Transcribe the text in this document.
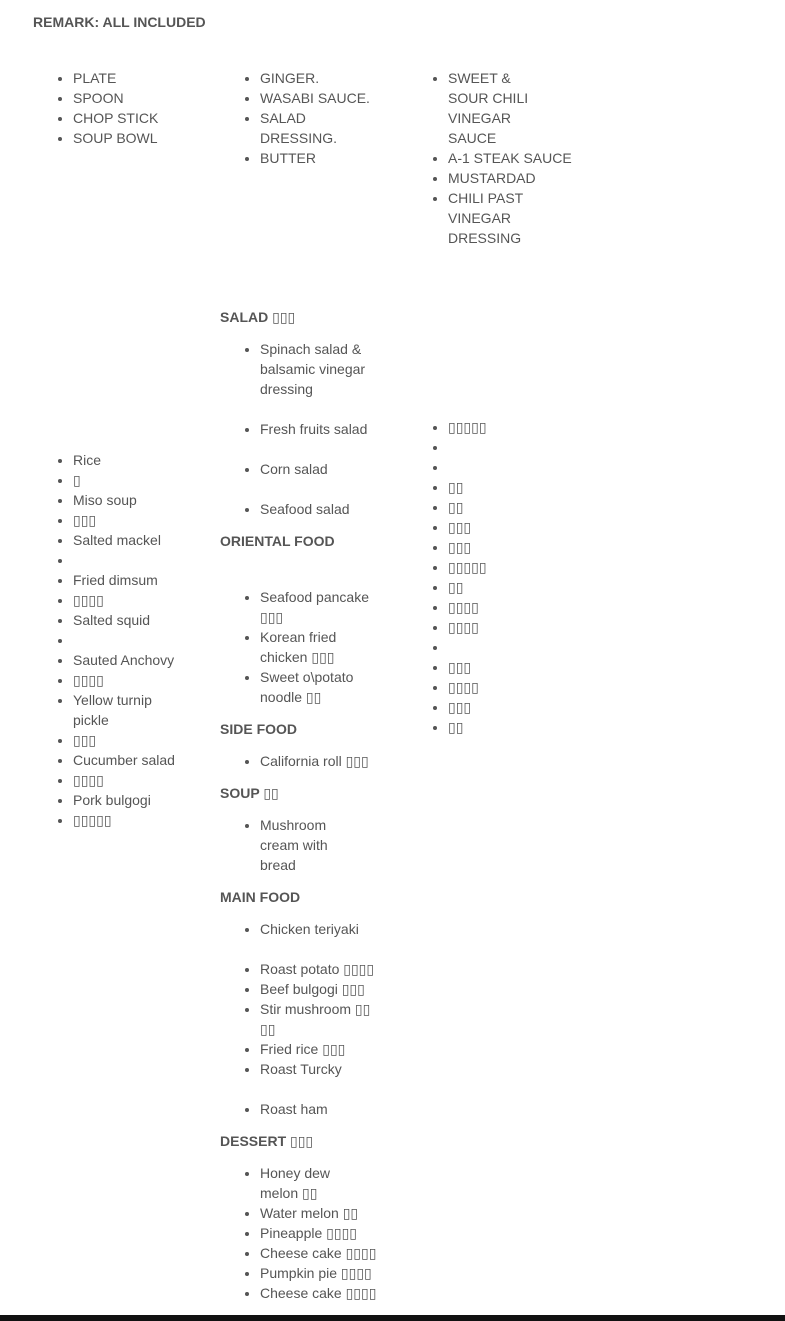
REMARK: ALL INCLUDED
• PLATE
• SPOON
• CHOP STICK
• SOUP BOWL
• GINGER.
• WASABI SAUCE.
• SALAD DRESSING.
• BUTTER
• SWEET & SOUR CHILI VINEGAR SAUCE
• A-1 STEAK SAUCE
• MUSTARDAD
• CHILI PAST VINEGAR DRESSING
SALAD ▯▯▯
• Spinach salad & balsamic vinegar dressing
• Fresh fruits salad
• Corn salad
• Seafood salad
ORIENTAL FOOD
• Seafood pancake ▯▯▯
• Korean fried chicken ▯▯▯
• Sweet o\potato noodle ▯▯
SIDE FOOD
• California roll ▯▯▯
SOUP ▯▯
• Mushroom cream with bread
MAIN FOOD
• Chicken teriyaki
• Roast potato ▯▯▯▯
• Beef bulgogi ▯▯▯
• Stir mushroom ▯▯ ▯▯
• Fried rice ▯▯▯
• Roast Turcky
• Roast ham
DESSERT ▯▯▯
• Honey dew melon ▯▯
• Water melon ▯▯
• Pineapple ▯▯▯▯
• Cheese cake ▯▯▯▯
• Pumpkin pie ▯▯▯▯
• Cheese cake ▯▯▯▯
• Rice
• ▯
• Miso soup
• ▯▯▯
• Salted mackel
•
• Fried dimsum
• ▯▯▯▯
• Salted squid
•
• Sauted Anchovy
• ▯▯▯▯
• Yellow turnip pickle
• ▯▯▯
• Cucumber salad
• ▯▯▯▯
• Pork bulgogi
• ▯▯▯▯▯
• ▯▯▯▯▯
•
•
• ▯▯
• ▯▯
• ▯▯▯
• ▯▯▯
• ▯▯▯▯▯
• ▯▯
• ▯▯▯▯
• ▯▯▯▯
•
• ▯▯▯
• ▯▯▯▯
• ▯▯▯
• ▯▯
